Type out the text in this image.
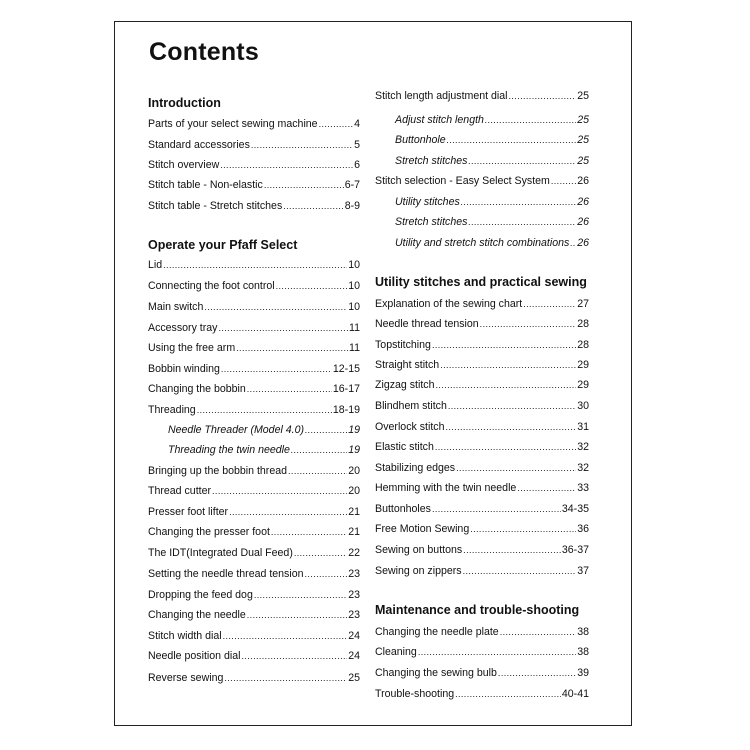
Contents
Introduction
Parts of your select sewing machine .....	4
Standard accessories .....	5
Stitch overview .....	6
Stitch table - Non-elastic .....	6-7
Stitch table - Stretch stitches .....	8-9
Operate your Pfaff Select
Lid .....	10
Connecting the foot control .....	10
Main switch .....	10
Accessory tray .....	11
Using the free arm .....	11
Bobbin winding .....	12-15
Changing the bobbin .....	16-17
Threading .....	18-19
Needle Threader (Model 4.0) .....	19
Threading the twin needle .....	19
Bringing up the bobbin thread .....	20
Thread cutter .....	20
Presser foot lifter .....	21
Changing the presser foot .....	21
The IDT(Integrated Dual Feed) .....	22
Setting the needle thread tension .....	23
Dropping the feed dog .....	23
Changing the needle .....	23
Stitch width dial .....	24
Needle position dial .....	24
Reverse sewing .....	25
Stitch length adjustment dial .....	25
Adjust stitch length .....	25
Buttonhole .....	25
Stretch stitches .....	25
Stitch selection - Easy Select System .....	26
Utility stitches .....	26
Stretch stitches .....	26
Utility and stretch stitch combinations ..... 26
Utility stitches and practical sewing
Explanation of the sewing chart .....	27
Needle thread tension .....	28
Topstitching .....	28
Straight stitch .....	29
Zigzag stitch .....	29
Blindhem stitch .....	30
Overlock stitch .....	31
Elastic stitch .....	32
Stabilizing edges .....	32
Hemming with the twin needle .....	33
Buttonholes .....	34-35
Free Motion Sewing .....	36
Sewing on buttons .....	36-37
Sewing on zippers .....	37
Maintenance and trouble-shooting
Changing the needle plate .....	38
Cleaning .....	38
Changing the sewing bulb .....	39
Trouble-shooting .....	40-41
